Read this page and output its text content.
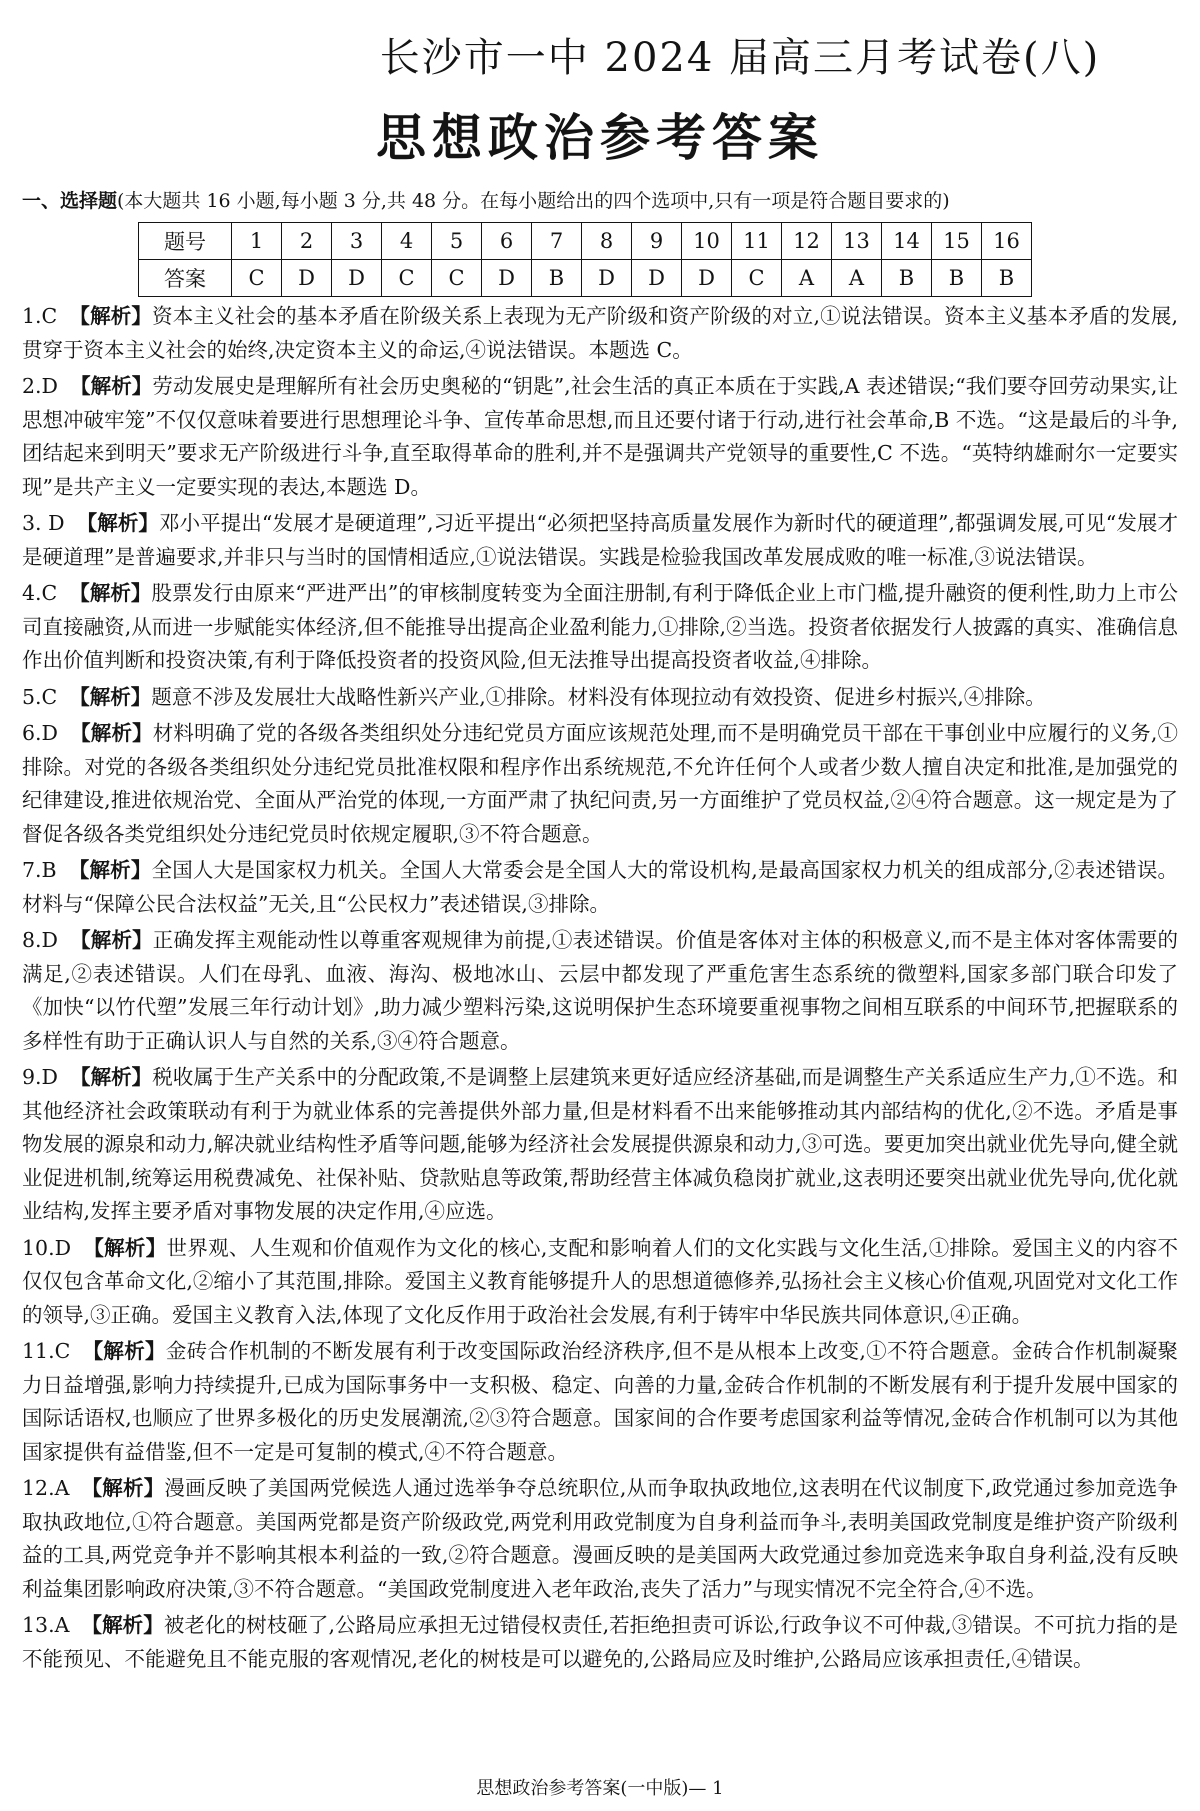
长沙市一中 2024 届高三月考试卷(八)
思想政治参考答案
一、选择题(本大题共 16 小题,每小题 3 分,共 48 分。在每小题给出的四个选项中,只有一项是符合题目要求的)
题号	1	2	3	4	5	6	7	8	9	10	11	12	13	14	15	16
答案	C	D	D	C	C	D	B	D	D	D	C	A	A	B	B	B
1.C 【解析】资本主义社会的基本矛盾在阶级关系上表现为无产阶级和资产阶级的对立,①说法错误。资本主义基本矛盾的发展,贯穿于资本主义社会的始终,决定资本主义的命运,④说法错误。本题选 C。
2.D 【解析】劳动发展史是理解所有社会历史奥秘的“钥匙”,社会生活的真正本质在于实践,A 表述错误;“我们要夺回劳动果实,让思想冲破牢笼”不仅仅意味着要进行思想理论斗争、宣传革命思想,而且还要付诸于行动,进行社会革命,B 不选。“这是最后的斗争,团结起来到明天”要求无产阶级进行斗争,直至取得革命的胜利,并不是强调共产党领导的重要性,C 不选。“英特纳雄耐尔一定要实现”是共产主义一定要实现的表达,本题选 D。
3. D 【解析】邓小平提出“发展才是硬道理”,习近平提出“必须把坚持高质量发展作为新时代的硬道理”,都强调发展,可见“发展才是硬道理”是普遍要求,并非只与当时的国情相适应,①说法错误。实践是检验我国改革发展成败的唯一标准,③说法错误。
4.C 【解析】股票发行由原来“严进严出”的审核制度转变为全面注册制,有利于降低企业上市门槛,提升融资的便利性,助力上市公司直接融资,从而进一步赋能实体经济,但不能推导出提高企业盈利能力,①排除,②当选。投资者依据发行人披露的真实、准确信息作出价值判断和投资决策,有利于降低投资者的投资风险,但无法推导出提高投资者收益,④排除。
5.C 【解析】题意不涉及发展壮大战略性新兴产业,①排除。材料没有体现拉动有效投资、促进乡村振兴,④排除。
6.D 【解析】材料明确了党的各级各类组织处分违纪党员方面应该规范处理,而不是明确党员干部在干事创业中应履行的义务,①排除。对党的各级各类组织处分违纪党员批准权限和程序作出系统规范,不允许任何个人或者少数人擅自决定和批准,是加强党的纪律建设,推进依规治党、全面从严治党的体现,一方面严肃了执纪问责,另一方面维护了党员权益,②④符合题意。这一规定是为了督促各级各类党组织处分违纪党员时依规定履职,③不符合题意。
7.B 【解析】全国人大是国家权力机关。全国人大常委会是全国人大的常设机构,是最高国家权力机关的组成部分,②表述错误。材料与“保障公民合法权益”无关,且“公民权力”表述错误,③排除。
8.D 【解析】正确发挥主观能动性以尊重客观规律为前提,①表述错误。价值是客体对主体的积极意义,而不是主体对客体需要的满足,②表述错误。人们在母乳、血液、海沟、极地冰山、云层中都发现了严重危害生态系统的微塑料,国家多部门联合印发了《加快“以竹代塑”发展三年行动计划》,助力减少塑料污染,这说明保护生态环境要重视事物之间相互联系的中间环节,把握联系的多样性有助于正确认识人与自然的关系,③④符合题意。
9.D 【解析】税收属于生产关系中的分配政策,不是调整上层建筑来更好适应经济基础,而是调整生产关系适应生产力,①不选。和其他经济社会政策联动有利于为就业体系的完善提供外部力量,但是材料看不出来能够推动其内部结构的优化,②不选。矛盾是事物发展的源泉和动力,解决就业结构性矛盾等问题,能够为经济社会发展提供源泉和动力,③可选。要更加突出就业优先导向,健全就业促进机制,统筹运用税费减免、社保补贴、贷款贴息等政策,帮助经营主体减负稳岗扩就业,这表明还要突出就业优先导向,优化就业结构,发挥主要矛盾对事物发展的决定作用,④应选。
10.D 【解析】世界观、人生观和价值观作为文化的核心,支配和影响着人们的文化实践与文化生活,①排除。爱国主义的内容不仅仅包含革命文化,②缩小了其范围,排除。爱国主义教育能够提升人的思想道德修养,弘扬社会主义核心价值观,巩固党对文化工作的领导,③正确。爱国主义教育入法,体现了文化反作用于政治社会发展,有利于铸牢中华民族共同体意识,④正确。
11.C 【解析】金砖合作机制的不断发展有利于改变国际政治经济秩序,但不是从根本上改变,①不符合题意。金砖合作机制凝聚力日益增强,影响力持续提升,已成为国际事务中一支积极、稳定、向善的力量,金砖合作机制的不断发展有利于提升发展中国家的国际话语权,也顺应了世界多极化的历史发展潮流,②③符合题意。国家间的合作要考虑国家利益等情况,金砖合作机制可以为其他国家提供有益借鉴,但不一定是可复制的模式,④不符合题意。
12.A 【解析】漫画反映了美国两党候选人通过选举争夺总统职位,从而争取执政地位,这表明在代议制度下,政党通过参加竞选争取执政地位,①符合题意。美国两党都是资产阶级政党,两党利用政党制度为自身利益而争斗,表明美国政党制度是维护资产阶级利益的工具,两党竞争并不影响其根本利益的一致,②符合题意。漫画反映的是美国两大政党通过参加竞选来争取自身利益,没有反映利益集团影响政府决策,③不符合题意。“美国政党制度进入老年政治,丧失了活力”与现实情况不完全符合,④不选。
13.A 【解析】被老化的树枝砸了,公路局应承担无过错侵权责任,若拒绝担责可诉讼,行政争议不可仲裁,③错误。不可抗力指的是不能预见、不能避免且不能克服的客观情况,老化的树枝是可以避免的,公路局应及时维护,公路局应该承担责任,④错误。
思想政治参考答案(一中版)— 1
